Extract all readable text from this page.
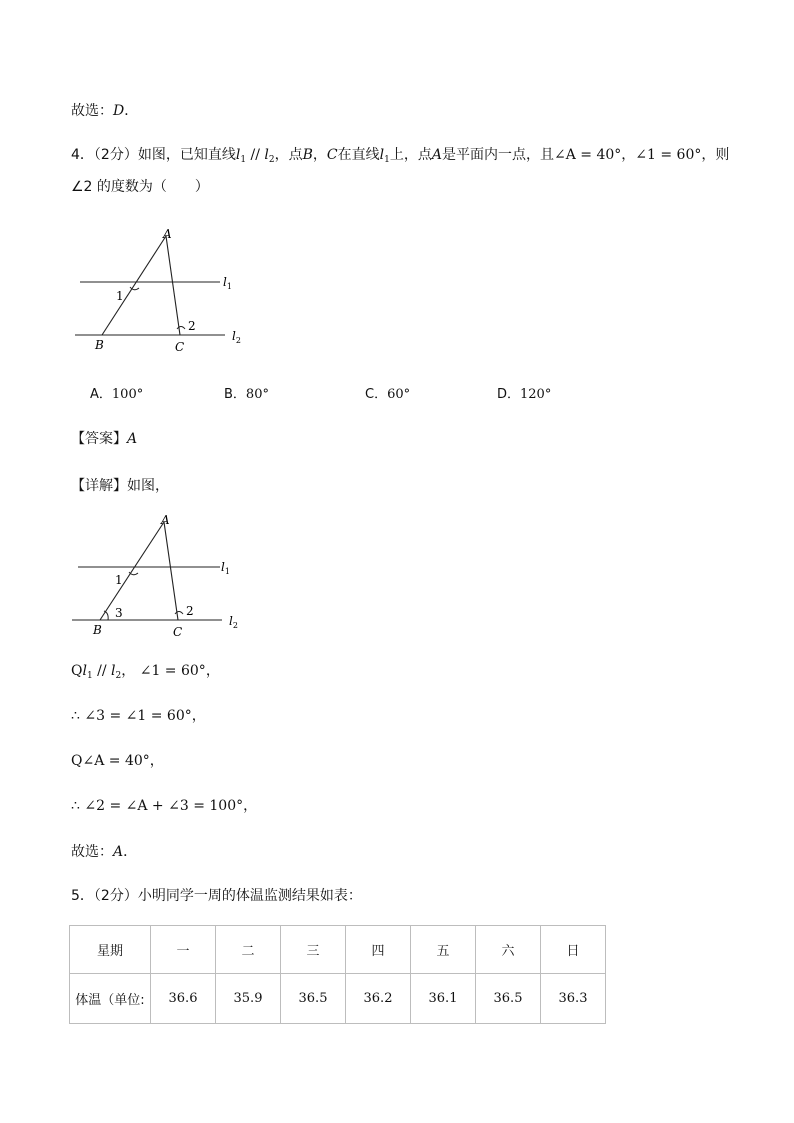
故选：D．
4．（2分）如图，已知直线$l_1 // l_2$，点B，C在直线$l_1$上，点A是平面内一点，且∠A = 40°，∠1 = 60°，则
∠2 的度数为（　　）
A
B	C
1
2
$l_1$
$l_2$
A．100°	B．80°	C．60°	D．120°
【答案】A
【详解】如图，
A
B	C
1
2
3
$l_1$
$l_2$
$Ql_1 // l_2$， ∠1 = 60°，
∴ ∠3 = ∠1 = 60°，
Q∠A = 40°，
∴ ∠2 = ∠A + ∠3 = 100°，
故选：A．
5．（2分）小明同学一周的体温监测结果如表：
星期	一	二	三	四	五	六	日
体温（单位:	36.6	35.9	36.5	36.2	36.1	36.5	36.3
